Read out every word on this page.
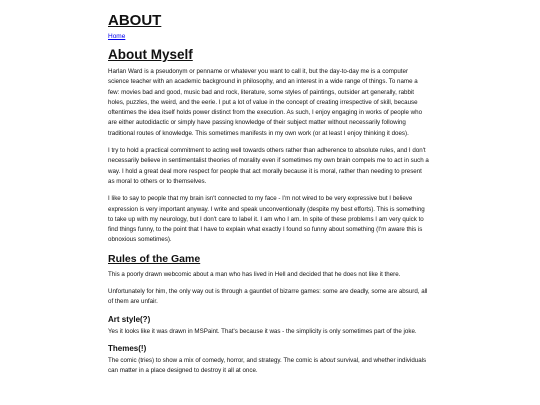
ABOUT
Home
About Myself

Harlan Ward is a pseudonym or penname or whatever you want to call it, but the day-to-day me is a computer science teacher with an academic background in philosophy, and an interest in a wide range of things. To name a few: movies bad and good, music bad and rock, literature, some styles of paintings, outsider art generally, rabbit holes, puzzles, the weird, and the eerie. I put a lot of value in the concept of creating irrespective of skill, because oftentimes the idea itself holds power distinct from the execution. As such, I enjoy engaging in works of people who are either autodidactic or simply have passing knowledge of their subject matter without necessarily following traditional routes of knowledge. This sometimes manifests in my own work (or at least I enjoy thinking it does).

I try to hold a practical commitment to acting well towards others rather than adherence to absolute rules, and I don't necessarily believe in sentimentalist theories of morality even if sometimes my own brain compels me to act in such a way. I hold a great deal more respect for people that act morally because it is moral, rather than needing to present as moral to others or to themselves.

I like to say to people that my brain isn't connected to my face - I'm not wired to be very expressive but I believe expression is very important anyway. I write and speak unconventionally (despite my best efforts). This is something to take up with my neurology, but I don't care to label it. I am who I am. In spite of these problems I am very quick to find things funny, to the point that I have to explain what exactly I found so funny about something (I'm aware this is obnoxious sometimes).

Rules of the Game

This a poorly drawn webcomic about a man who has lived in Hell and decided that he does not like it there.

Unfortunately for him, the only way out is through a gauntlet of bizarre games: some are deadly, some are absurd, all of them are unfair.

Art style(?)

Yes it looks like it was drawn in MSPaint. That's because it was - the simplicity is only sometimes part of the joke.

Themes(!)

The comic (tries) to show a mix of comedy, horror, and strategy. The comic is about survival, and whether individuals can matter in a place designed to destroy it all at once.
